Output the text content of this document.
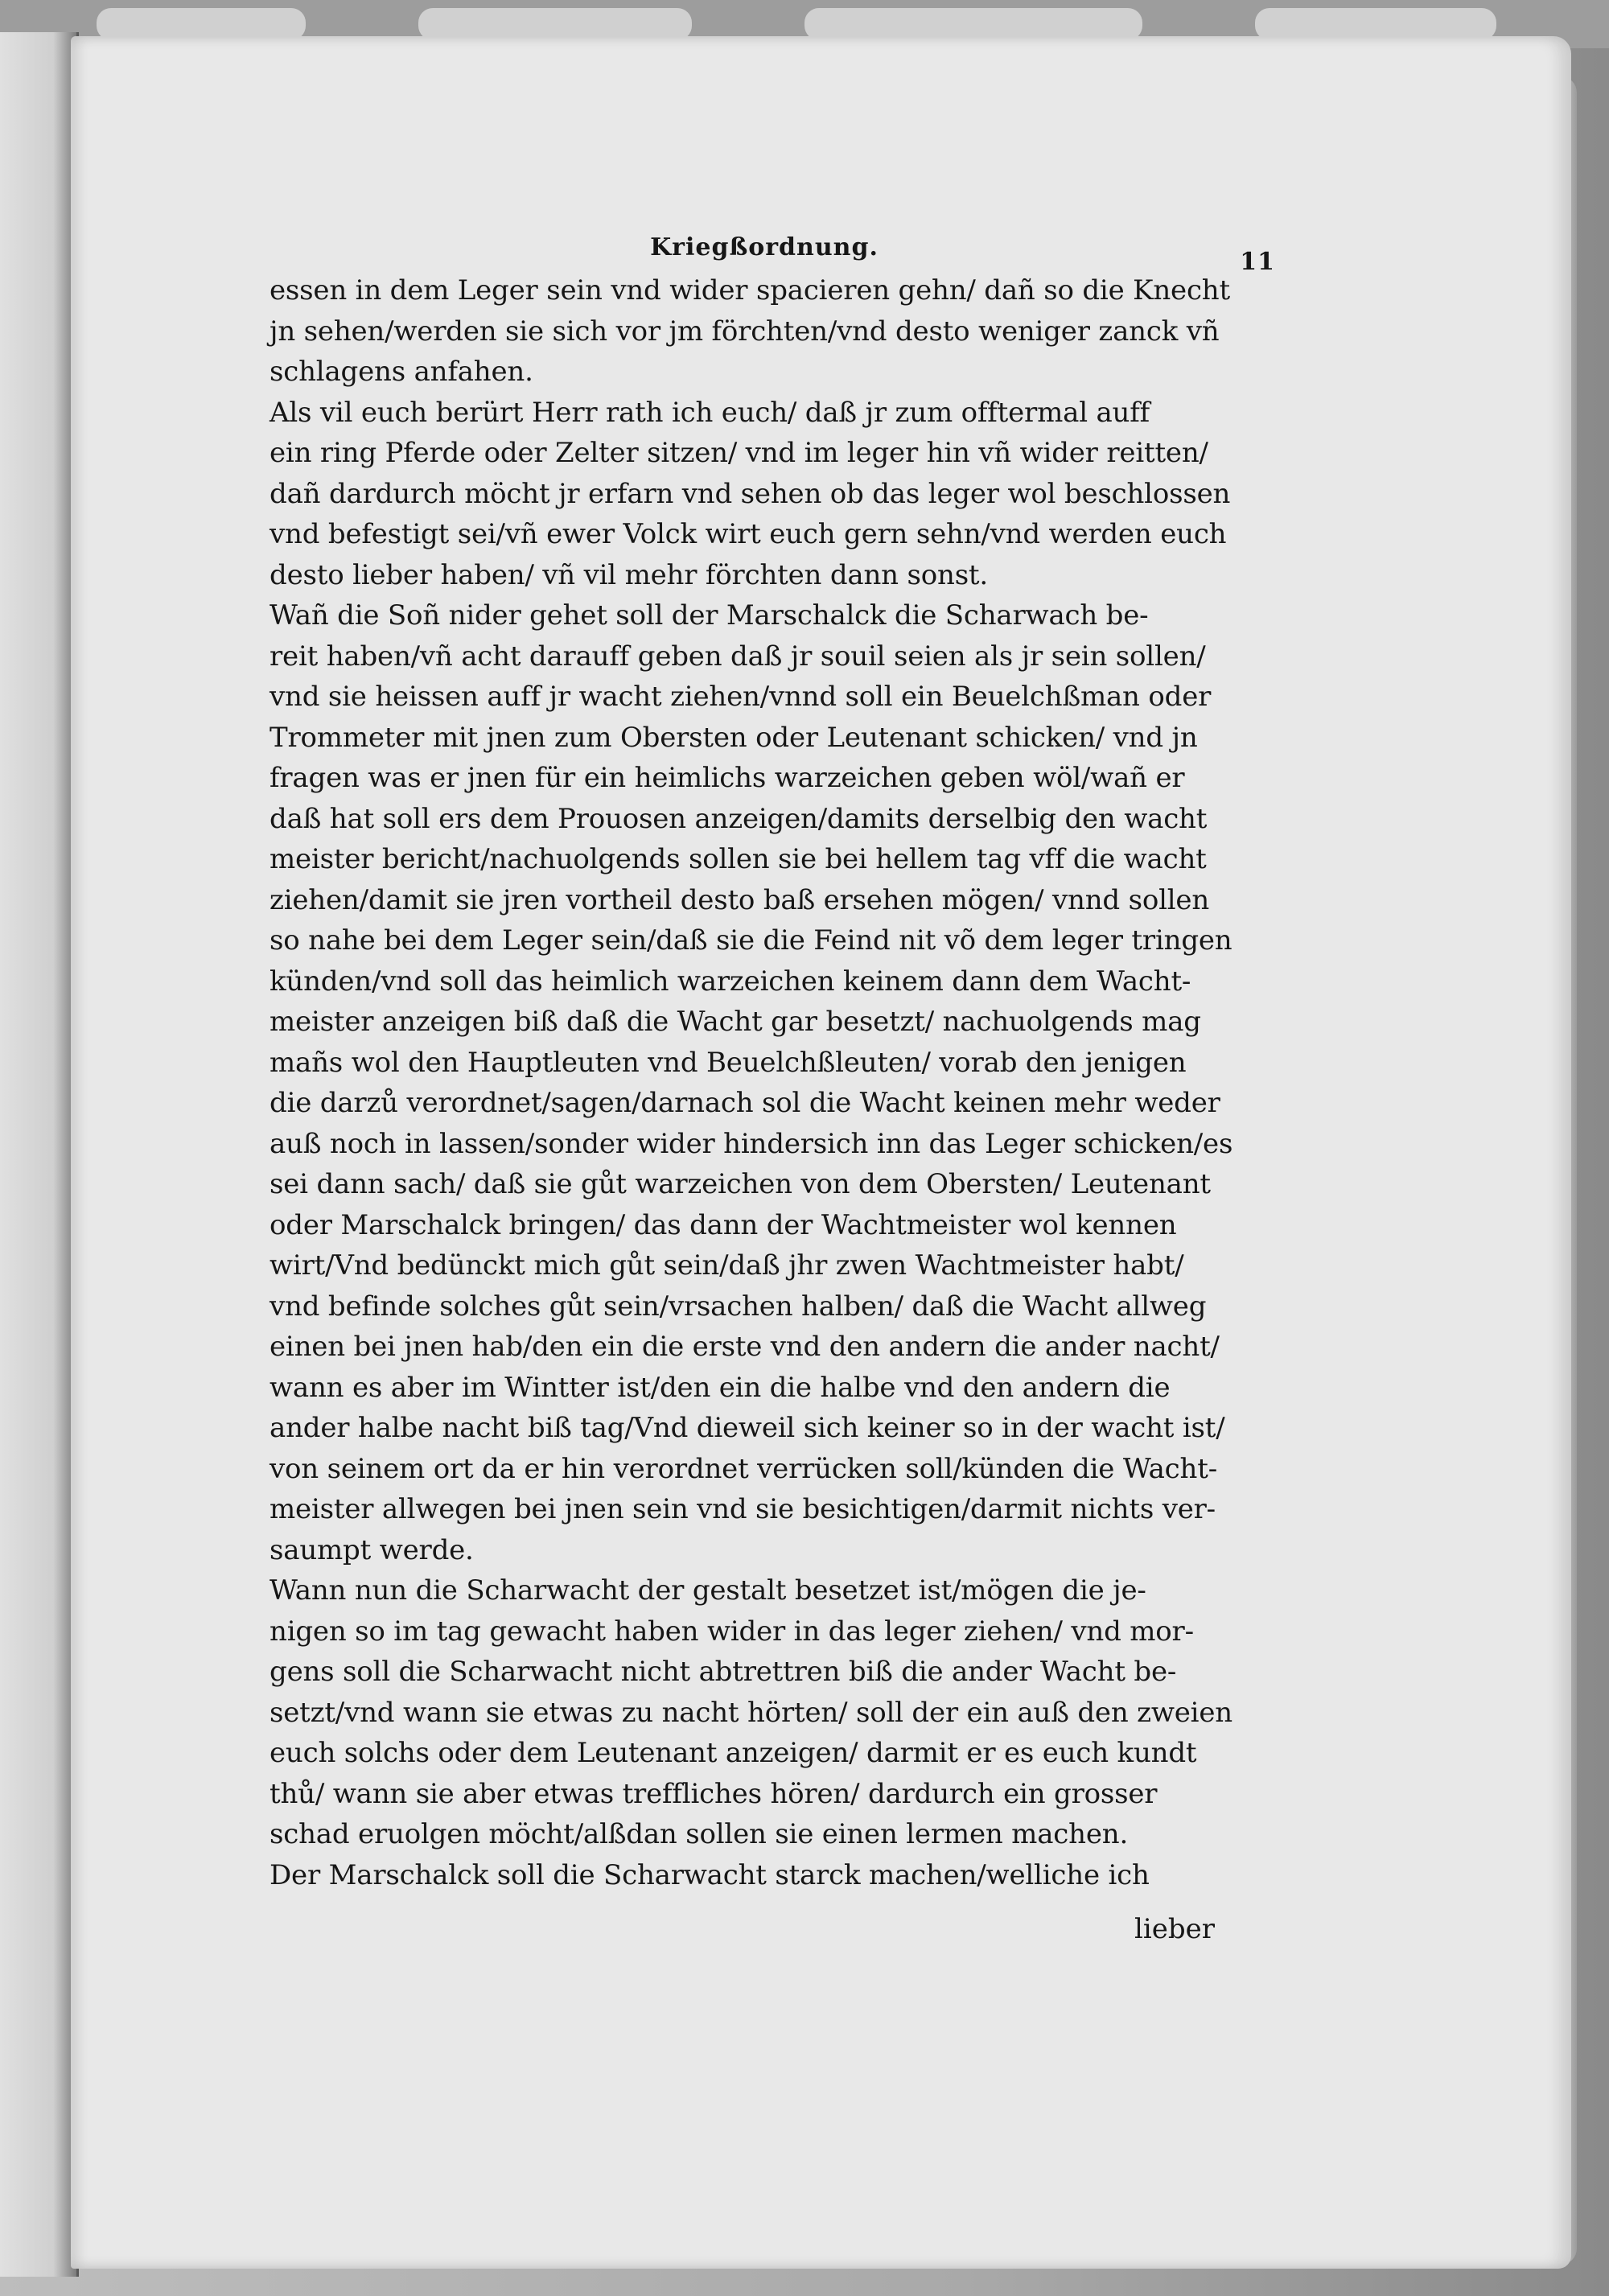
Kriegßordnung.
11
essen in dem Leger sein vnd wider spacieren gehn/ dañ so die Knecht
jn sehen/werden sie sich vor jm förchten/vnd desto weniger zanck vñ
schlagens anfahen.
Als vil euch berürt Herr rath ich euch/ daß jr zum offtermal auff
ein ring Pferde oder Zelter sitzen/ vnd im leger hin vñ wider reitten/
dañ dardurch möcht jr erfarn vnd sehen ob das leger wol beschlossen
vnd befestigt sei/vñ ewer Volck wirt euch gern sehn/vnd werden euch
desto lieber haben/ vñ vil mehr förchten dann sonst.
Wañ die Soñ nider gehet soll der Marschalck die Scharwach be-
reit haben/vñ acht darauff geben daß jr souil seien als jr sein sollen/
vnd sie heissen auff jr wacht ziehen/vnnd soll ein Beuelchßman oder
Trommeter mit jnen zum Obersten oder Leutenant schicken/ vnd jn
fragen was er jnen für ein heimlichs warzeichen geben wöl/wañ er
daß hat soll ers dem Prouosen anzeigen/damits derselbig den wacht
meister bericht/nachuolgends sollen sie bei hellem tag vff die wacht
ziehen/damit sie jren vortheil desto baß ersehen mögen/ vnnd sollen
so nahe bei dem Leger sein/daß sie die Feind nit võ dem leger tringen
künden/vnd soll das heimlich warzeichen keinem dann dem Wacht-
meister anzeigen biß daß die Wacht gar besetzt/ nachuolgends mag
mañs wol den Hauptleuten vnd Beuelchßleuten/ vorab den jenigen
die darzů verordnet/sagen/darnach sol die Wacht keinen mehr weder
auß noch in lassen/sonder wider hindersich inn das Leger schicken/es
sei dann sach/ daß sie gůt warzeichen von dem Obersten/ Leutenant
oder Marschalck bringen/ das dann der Wachtmeister wol kennen
wirt/Vnd bedünckt mich gůt sein/daß jhr zwen Wachtmeister habt/
vnd befinde solches gůt sein/vrsachen halben/ daß die Wacht allweg
einen bei jnen hab/den ein die erste vnd den andern die ander nacht/
wann es aber im Wintter ist/den ein die halbe vnd den andern die
ander halbe nacht biß tag/Vnd dieweil sich keiner so in der wacht ist/
von seinem ort da er hin verordnet verrücken soll/künden die Wacht-
meister allwegen bei jnen sein vnd sie besichtigen/darmit nichts ver-
saumpt werde.
Wann nun die Scharwacht der gestalt besetzet ist/mögen die je-
nigen so im tag gewacht haben wider in das leger ziehen/ vnd mor-
gens soll die Scharwacht nicht abtrettren biß die ander Wacht be-
setzt/vnd wann sie etwas zu nacht hörten/ soll der ein auß den zweien
euch solchs oder dem Leutenant anzeigen/ darmit er es euch kundt
thů/ wann sie aber etwas treffliches hören/ dardurch ein grosser
schad eruolgen möcht/alßdan sollen sie einen lermen machen.
Der Marschalck soll die Scharwacht starck machen/welliche ich
lieber
